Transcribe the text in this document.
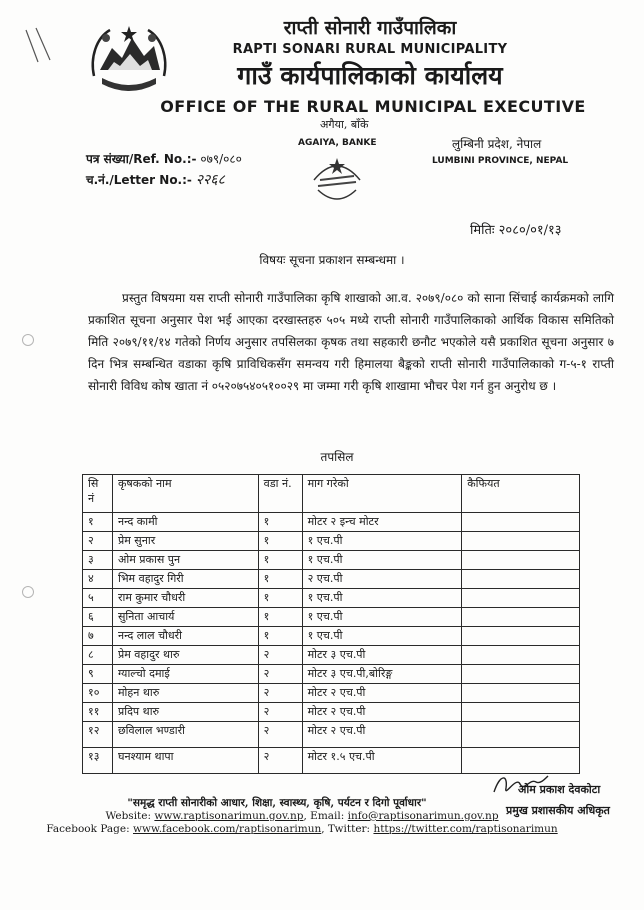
राप्ती सोनारी गाउँपालिका
RAPTI SONARI RURAL MUNICIPALITY
गाउँ कार्यपालिकाको कार्यालय
OFFICE OF THE RURAL MUNICIPAL EXECUTIVE
अगैया, बाँके
AGAIYA, BANKE	लुम्बिनी प्रदेश, नेपाल
LUMBINI PROVINCE, NEPAL
पत्र संख्या/Ref. No.:- ०७९/०८०
च.नं./Letter No.:- २२६८
मितिः २०८०/०१/१३
विषयः सूचना प्रकाशन सम्बन्धमा ।

प्रस्तुत विषयमा यस राप्ती सोनारी गाउँपालिका कृषि शाखाको आ.व. २०७९/०८० को साना सिंचाई कार्यक्रमको लागि प्रकाशित सूचना अनुसार पेश भई आएका दरखास्तहरु ५०५ मध्ये राप्ती सोनारी गाउँपालिकाको आर्थिक विकास समितिको मिति २०७९/११/१४ गतेको निर्णय अनुसार तपसिलका कृषक तथा सहकारी छनौट भएकोले यसै प्रकाशित सूचना अनुसार ७ दिन भित्र सम्बन्धित वडाका कृषि प्राविधिकसँग समन्वय गरी हिमालया बैङ्कको राप्ती सोनारी गाउँपालिकाको ग-५-१ राप्ती सोनारी विविध कोष खाता नं ०५२०७५४०५१००२९ मा जम्मा गरी कृषि शाखामा भौचर पेश गर्न हुन अनुरोध छ ।

तपसिल
सि नं	कृषकको नाम	वडा नं.	माग गरेको	कैफियत
१	नन्द कामी	१	मोटर २ इन्च मोटर	
२	प्रेम सुनार	१	१ एच.पी	
३	ओम प्रकास पुन	१	१ एच.पी	
४	भिम वहादुर गिरी	१	२ एच.पी	
५	राम कुमार चौधरी	१	१ एच.पी	
६	सुनिता आचार्य	१	१ एच.पी	
७	नन्द लाल चौधरी	१	१ एच.पी	
८	प्रेम वहादुर थारु	२	मोटर ३ एच.पी	
९	ग्याल्चो दमाई	२	मोटर ३ एच.पी,बोरिङ्ग	
१०	मोहन थारु	२	मोटर २ एच.पी	
११	प्रदिप थारु	२	मोटर २ एच.पी	
१२	छविलाल भण्डारी	२	मोटर २ एच.पी	
१३	घनश्याम थापा	२	मोटर १.५ एच.पी	
ओम प्रकाश देवकोटा
प्रमुख प्रशासकीय अधिकृत
"समृद्ध राप्ती सोनारीको आधार, शिक्षा, स्वास्थ्य, कृषि, पर्यटन र दिगो पूर्वाधार"
Website: www.raptisonarimun.gov.np, Email: info@raptisonarimun.gov.np
Facebook Page: www.facebook.com/raptisonarimun, Twitter: https://twitter.com/raptisonarimun
